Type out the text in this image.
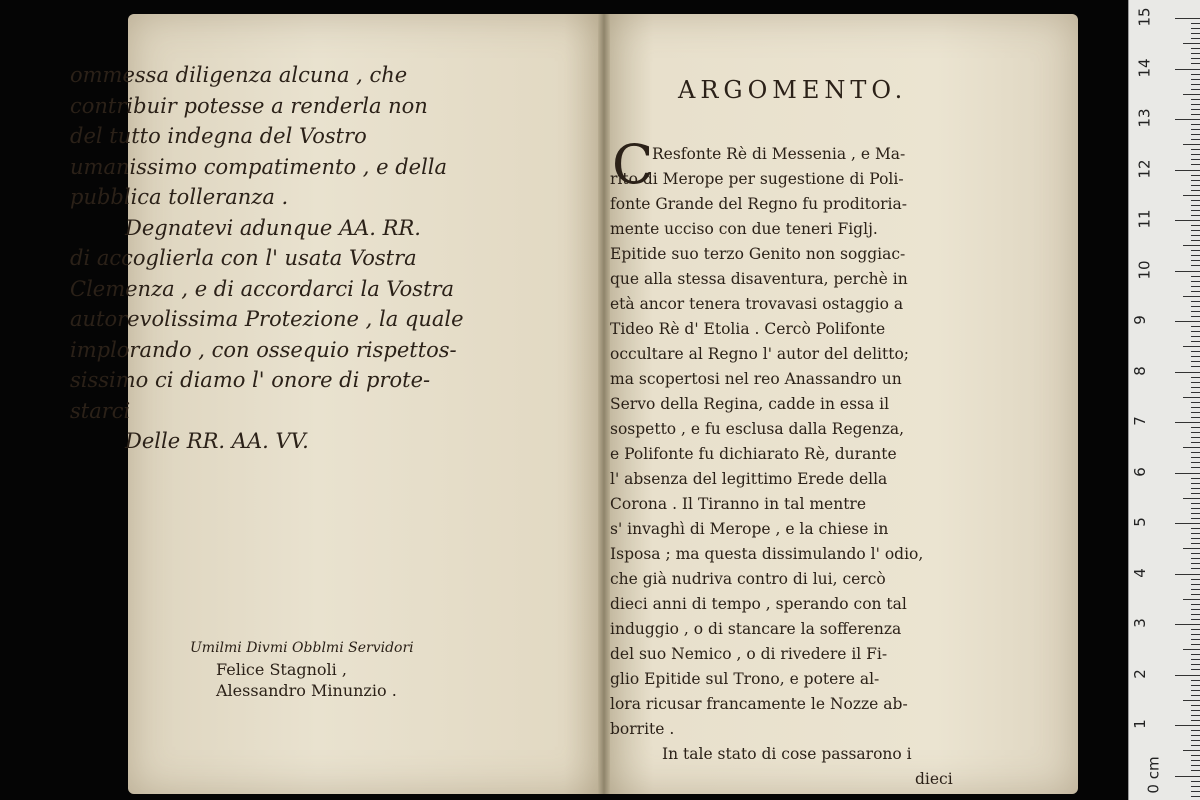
ommessa diligenza alcuna , che
contribuir potesse a renderla non
del tutto indegna del Vostro
umanissimo compatimento , e della
pubblica tolleranza .
Degnatevi adunque AA. RR.
di accoglierla con l' usata Vostra
Clemenza , e di accordarci la Vostra
autorevolissima Protezione , la quale
implorando , con ossequio rispettos-
sissimo ci diamo l' onore di prote-
starci
Delle RR. AA. VV.
Umilmi Divmi Obblmi Servidori
Felice Stagnoli ,
Alessandro Minunzio .
ARGOMENTO.
C
Resfonte Rè di Messenia , e Ma-
rito di Merope per sugestione di Poli-
fonte Grande del Regno fu proditoria-
mente ucciso con due teneri Figlj.
Epitide suo terzo Genito non soggiac-
que alla stessa disaventura, perchè in
età ancor tenera trovavasi ostaggio a
Tideo Rè d' Etolia . Cercò Polifonte
occultare al Regno l' autor del delitto;
ma scopertosi nel reo Anassandro un
Servo della Regina, cadde in essa il
sospetto , e fu esclusa dalla Regenza,
e Polifonte fu dichiarato Rè, durante
l' absenza del legittimo Erede della
Corona . Il Tiranno in tal mentre
s' invaghì di Merope , e la chiese in
Isposa ; ma questa dissimulando l' odio,
che già nudriva contro di lui, cercò
dieci anni di tempo , sperando con tal
induggio , o di stancare la sofferenza
del suo Nemico , o di rivedere il Fi-
glio Epitide sul Trono, e potere al-
lora ricusar francamente le Nozze ab-
borrite .
In tale stato di cose passarono i
dieci
15
14
13
12
11
10
9
8
7
6
5
4
3
2
1
0 cm
